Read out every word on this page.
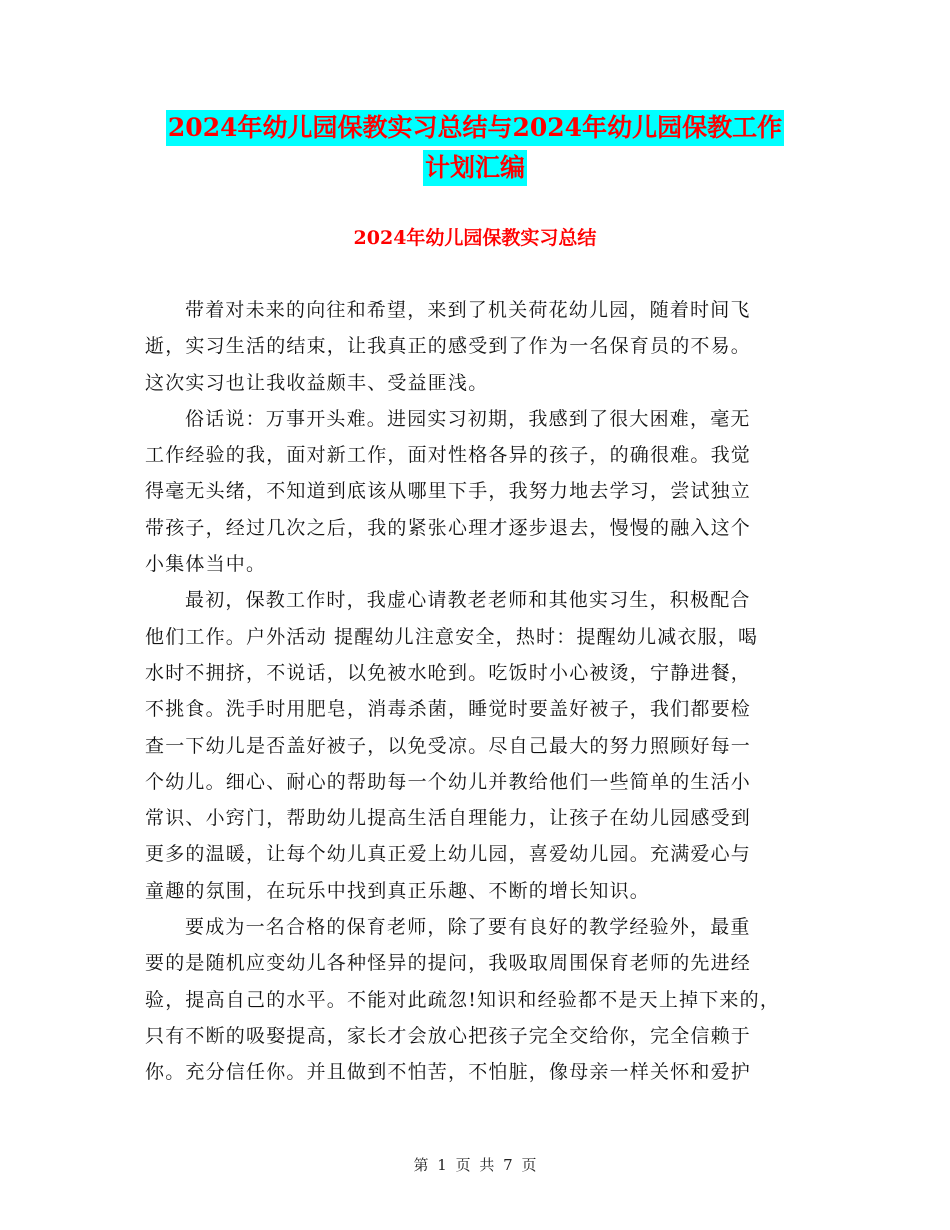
2024年幼儿园保教实习总结与2024年幼儿园保教工作
计划汇编
2024年幼儿园保教实习总结
带着对未来的向往和希望，来到了机关荷花幼儿园，随着时间飞
逝，实习生活的结束，让我真正的感受到了作为一名保育员的不易。
这次实习也让我收益颇丰、受益匪浅。
俗话说：万事开头难。进园实习初期，我感到了很大困难，毫无
工作经验的我，面对新工作，面对性格各异的孩子，的确很难。我觉
得毫无头绪，不知道到底该从哪里下手，我努力地去学习，尝试独立
带孩子，经过几次之后，我的紧张心理才逐步退去，慢慢的融入这个
小集体当中。
最初，保教工作时，我虚心请教老老师和其他实习生，积极配合
他们工作。户外活动 提醒幼儿注意安全，热时：提醒幼儿减衣服，喝
水时不拥挤，不说话，以免被水呛到。吃饭时小心被烫，宁静进餐，
不挑食。洗手时用肥皂，消毒杀菌，睡觉时要盖好被子，我们都要检
查一下幼儿是否盖好被子，以免受凉。尽自己最大的努力照顾好每一
个幼儿。细心、耐心的帮助每一个幼儿并教给他们一些简单的生活小
常识、小窍门，帮助幼儿提高生活自理能力，让孩子在幼儿园感受到
更多的温暖，让每个幼儿真正爱上幼儿园，喜爱幼儿园。充满爱心与
童趣的氛围，在玩乐中找到真正乐趣、不断的增长知识。
要成为一名合格的保育老师，除了要有良好的教学经验外，最重
要的是随机应变幼儿各种怪异的提问，我吸取周围保育老师的先进经
验，提高自己的水平。不能对此疏忽!知识和经验都不是天上掉下来的，
只有不断的吸娶提高，家长才会放心把孩子完全交给你，完全信赖于
你。充分信任你。并且做到不怕苦，不怕脏，像母亲一样关怀和爱护
第 1 页 共 7 页
